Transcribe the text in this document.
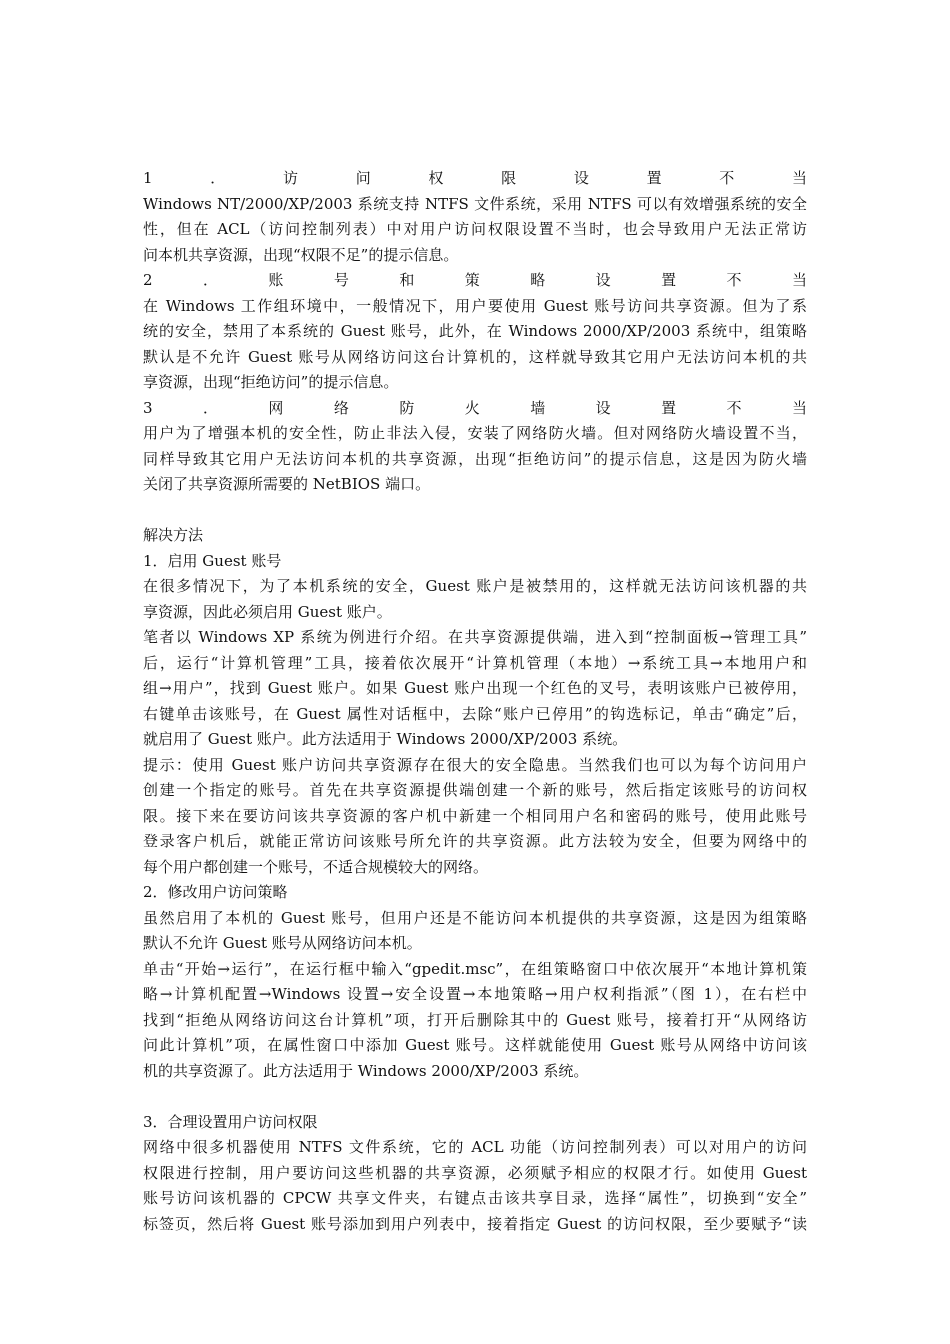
1．访问权限设置不当
Windows NT/2000/XP/2003 系统支持 NTFS 文件系统，采用 NTFS 可以有效增强系统的安全
性，但在 ACL（访问控制列表）中对用户访问权限设置不当时，也会导致用户无法正常访
问本机共享资源，出现“权限不足”的提示信息。
2．账号和策略设置不当
在 Windows 工作组环境中，一般情况下，用户要使用 Guest 账号访问共享资源。但为了系
统的安全，禁用了本系统的 Guest 账号，此外，在 Windows 2000/XP/2003 系统中，组策略
默认是不允许 Guest 账号从网络访问这台计算机的，这样就导致其它用户无法访问本机的共
享资源，出现“拒绝访问”的提示信息。
3．网络防火墙设置不当
用户为了增强本机的安全性，防止非法入侵，安装了网络防火墙。但对网络防火墙设置不当，
同样导致其它用户无法访问本机的共享资源，出现“拒绝访问”的提示信息，这是因为防火墙
关闭了共享资源所需要的 NetBIOS 端口。
解决方法
1．启用 Guest 账号
在很多情况下，为了本机系统的安全，Guest 账户是被禁用的，这样就无法访问该机器的共
享资源，因此必须启用 Guest 账户。
笔者以 Windows XP 系统为例进行介绍。在共享资源提供端，进入到“控制面板→管理工具”
后，运行“计算机管理”工具，接着依次展开“计算机管理（本地）→系统工具→本地用户和
组→用户”，找到 Guest 账户。如果 Guest 账户出现一个红色的叉号，表明该账户已被停用，
右键单击该账号，在 Guest 属性对话框中，去除“账户已停用”的钩选标记，单击“确定”后，
就启用了 Guest 账户。此方法适用于 Windows 2000/XP/2003 系统。
提示：使用 Guest 账户访问共享资源存在很大的安全隐患。当然我们也可以为每个访问用户
创建一个指定的账号。首先在共享资源提供端创建一个新的账号，然后指定该账号的访问权
限。接下来在要访问该共享资源的客户机中新建一个相同用户名和密码的账号，使用此账号
登录客户机后，就能正常访问该账号所允许的共享资源。此方法较为安全，但要为网络中的
每个用户都创建一个账号，不适合规模较大的网络。
2．修改用户访问策略
虽然启用了本机的 Guest 账号，但用户还是不能访问本机提供的共享资源，这是因为组策略
默认不允许 Guest 账号从网络访问本机。
单击“开始→运行”，在运行框中输入“gpedit.msc”，在组策略窗口中依次展开“本地计算机策
略→计算机配置→Windows 设置→安全设置→本地策略→用户权利指派”（图 1），在右栏中
找到“拒绝从网络访问这台计算机”项，打开后删除其中的 Guest 账号，接着打开“从网络访
问此计算机”项，在属性窗口中添加 Guest 账号。这样就能使用 Guest 账号从网络中访问该
机的共享资源了。此方法适用于 Windows 2000/XP/2003 系统。
3．合理设置用户访问权限
网络中很多机器使用 NTFS 文件系统，它的 ACL 功能（访问控制列表）可以对用户的访问
权限进行控制，用户要访问这些机器的共享资源，必须赋予相应的权限才行。如使用 Guest
账号访问该机器的 CPCW 共享文件夹，右键点击该共享目录，选择“属性”，切换到“安全”
标签页，然后将 Guest 账号添加到用户列表中，接着指定 Guest 的访问权限，至少要赋予“读
